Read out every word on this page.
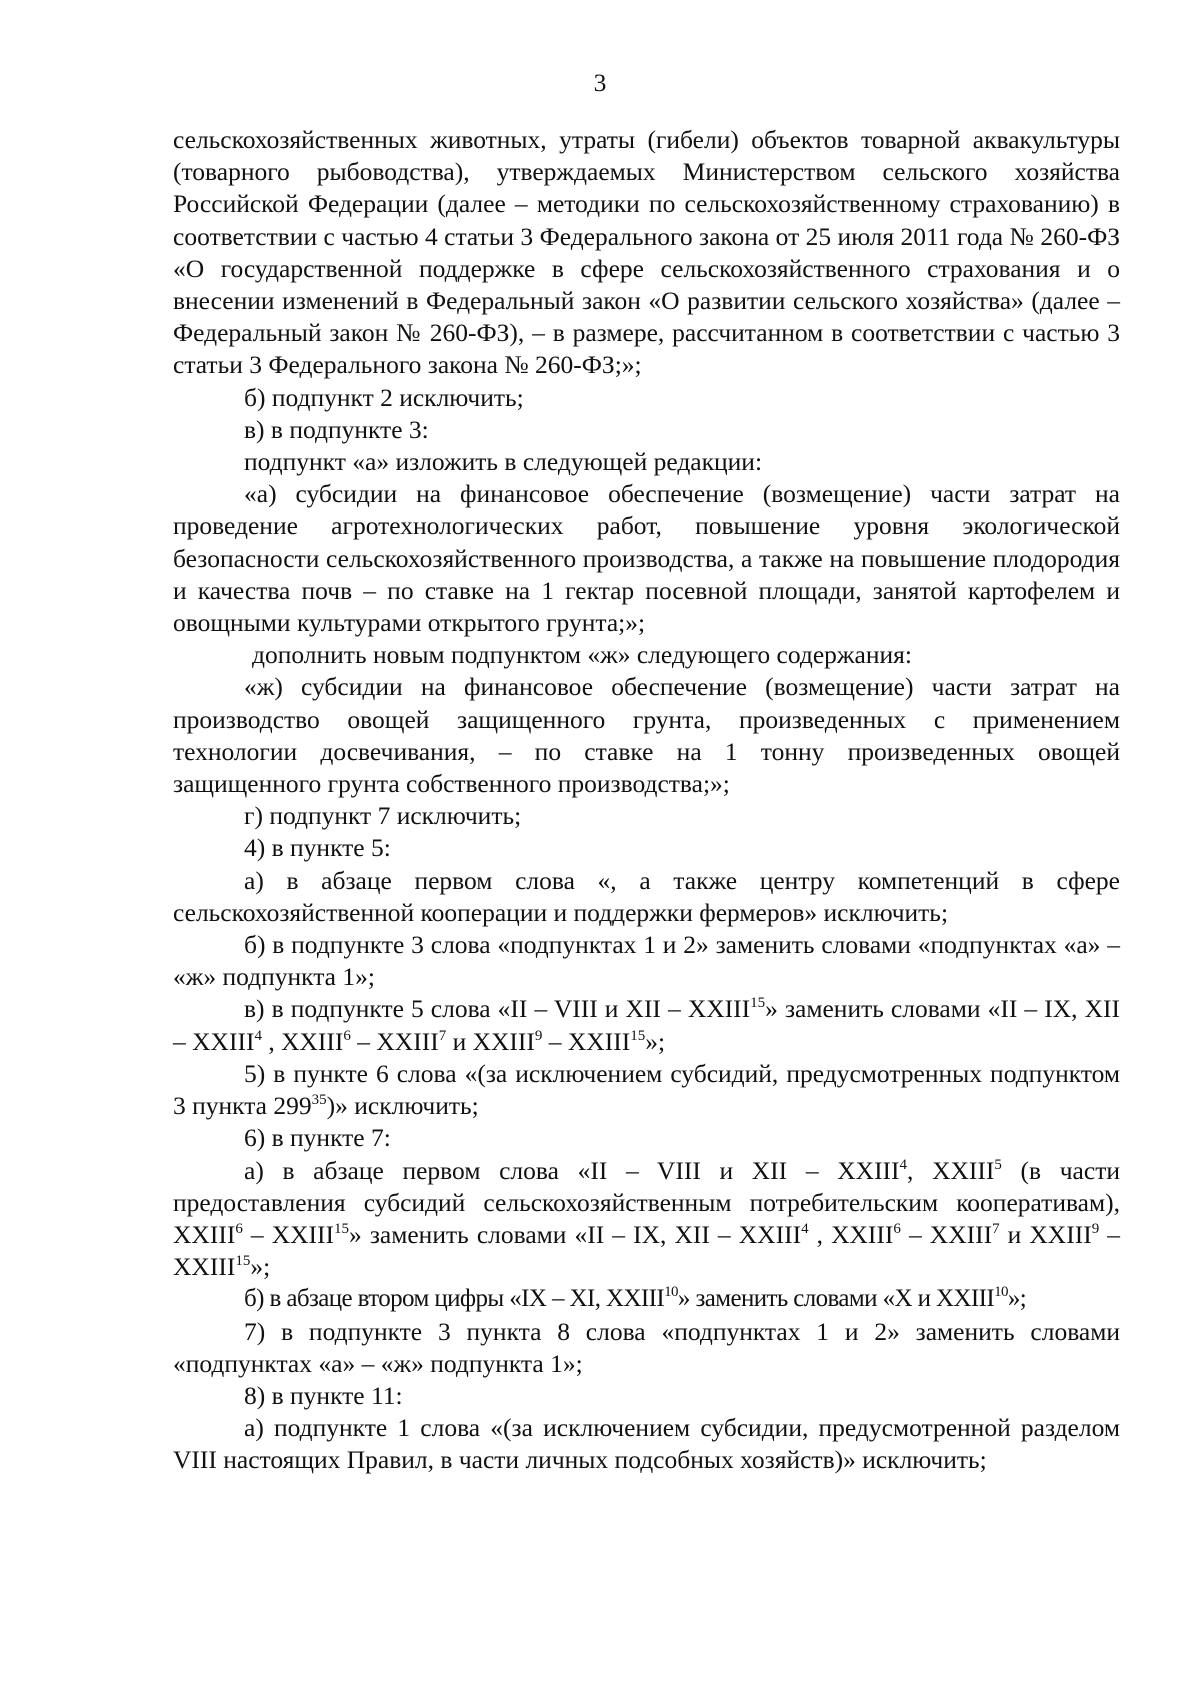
3

сельскохозяйственных животных, утраты (гибели) объектов товарной аквакультуры (товарного рыбоводства), утверждаемых Министерством сельского хозяйства Российской Федерации (далее – методики по сельскохозяйственному страхованию) в соответствии с частью 4 статьи 3 Федерального закона от 25 июля 2011 года № 260-ФЗ «О государственной поддержке в сфере сельскохозяйственного страхования и о внесении изменений в Федеральный закон «О развитии сельского хозяйства» (далее – Федеральный закон № 260-ФЗ), – в размере, рассчитанном в соответствии с частью 3 статьи 3 Федерального закона № 260-ФЗ;»;

б) подпункт 2 исключить;

в) в подпункте 3:

подпункт «а» изложить в следующей редакции:

«а) субсидии на финансовое обеспечение (возмещение) части затрат на проведение агротехнологических работ, повышение уровня экологической безопасности сельскохозяйственного производства, а также на повышение плодородия и качества почв – по ставке на 1 гектар посевной площади, занятой картофелем и овощными культурами открытого грунта;»;

дополнить новым подпунктом «ж» следующего содержания:

«ж) субсидии на финансовое обеспечение (возмещение) части затрат на производство овощей защищенного грунта, произведенных с применением технологии досвечивания, – по ставке на 1 тонну произведенных овощей защищенного грунта собственного производства;»;

г) подпункт 7 исключить;

4) в пункте 5:

а) в абзаце первом слова «, а также центру компетенций в сфере сельскохозяйственной кооперации и поддержки фермеров» исключить;

б) в подпункте 3 слова «подпунктах 1 и 2» заменить словами «подпунктах «а» – «ж» подпункта 1»;

в) в подпункте 5 слова «II – VIII и XII – XXIII$^{15}$» заменить словами «II – IX, XII – XXIII$^4$ , XXIII$^6$ – XXIII$^7$ и XXIII$^9$ – XXIII$^{15}$»;

5) в пункте 6 слова «(за исключением субсидий, предусмотренных подпунктом 3 пункта $299^{35}$)» исключить;

6) в пункте 7:

а) в абзаце первом слова «II – VIII и XII – XXIII$^4$, XXIII$^5$ (в части предоставления субсидий сельскохозяйственным потребительским кооперативам), XXIII$^6$ – XXIII$^{15}$» заменить словами «II – IX, XII – XXIII$^4$ , XXIII$^6$ – XXIII$^7$ и XXIII$^9$ – XXIII$^{15}$»;

б) в абзаце втором цифры «IX – XI, XXIII$^{10}$» заменить словами «X и XXIII$^{10}$»;

7) в подпункте 3 пункта 8 слова «подпунктах 1 и 2» заменить словами «подпунктах «а» – «ж» подпункта 1»;

8) в пункте 11:

а) подпункте 1 слова «(за исключением субсидии, предусмотренной разделом VIII настоящих Правил, в части личных подсобных хозяйств)» исключить;
